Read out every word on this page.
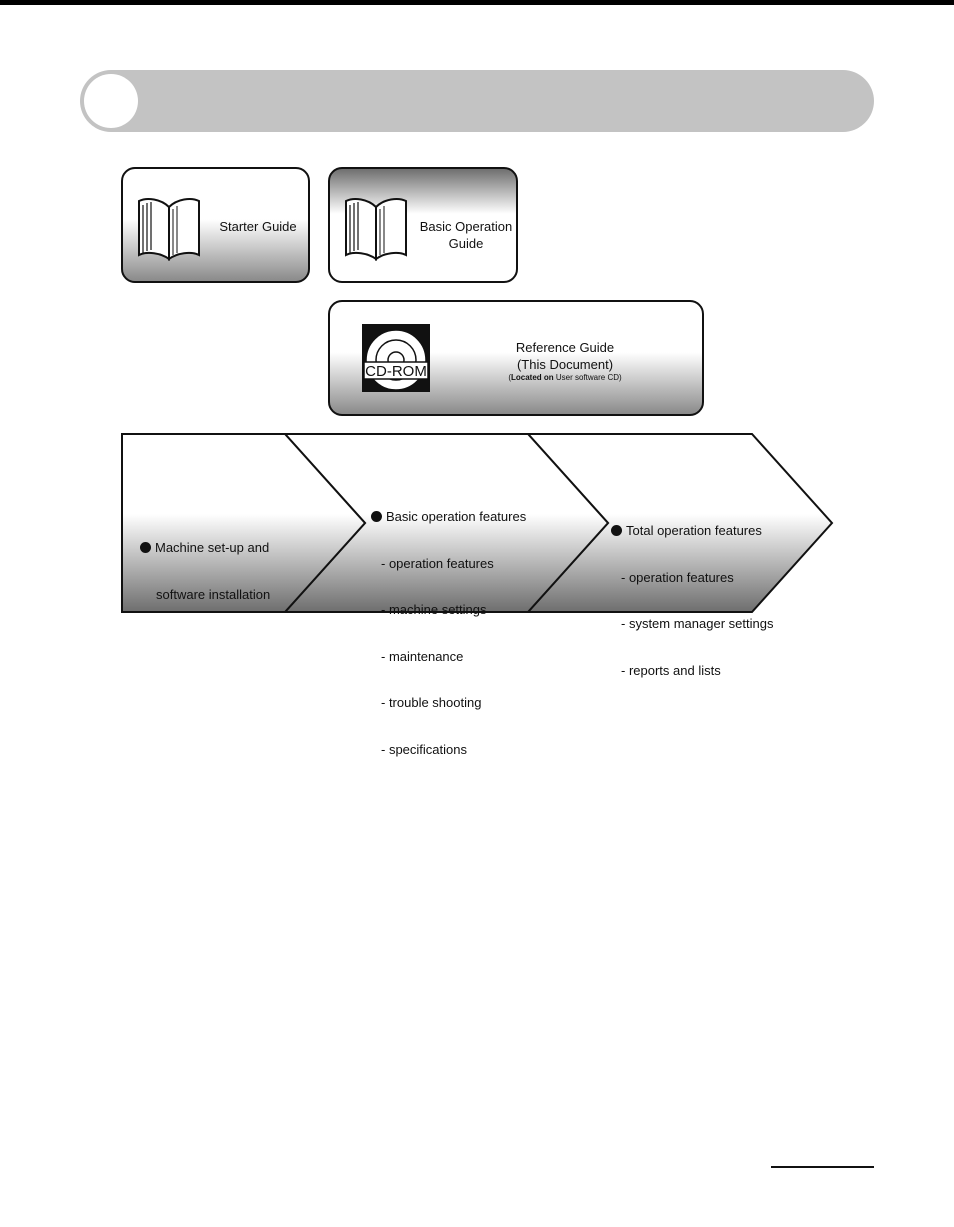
Starter Guide	Basic Operation
Guide
CD-ROM
Reference Guide
(This Document)
(Located on User software CD)

Machine set-up and

software installation

Basic operation features

- operation features

- machine settings

- maintenance

- trouble shooting

- specifications

Total operation features

- operation features

- system manager settings

- reports and lists
